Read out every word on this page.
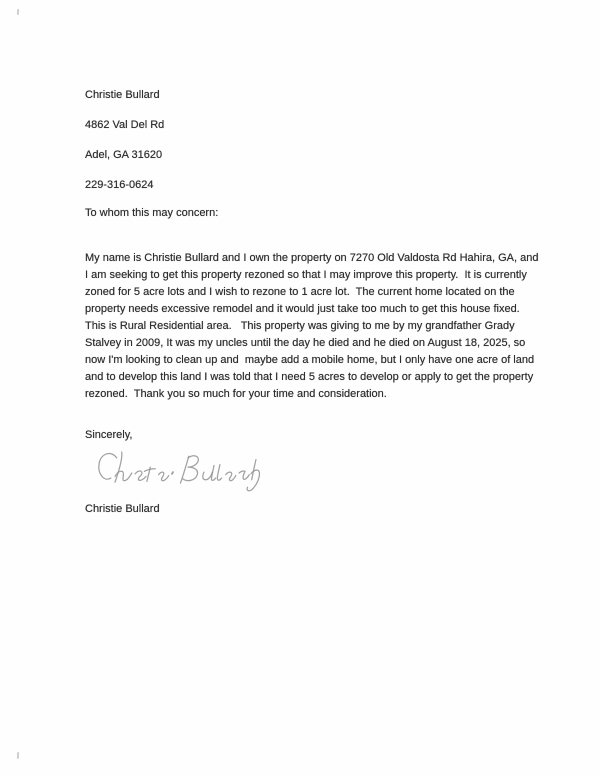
Christie Bullard

4862 Val Del Rd

Adel, GA 31620

229-316-0624

To whom this may concern:

My name is Christie Bullard and I own the property on 7270 Old Valdosta Rd Hahira, GA, and I am seeking to get this property rezoned so that I may improve this property.  It is currently zoned for 5 acre lots and I wish to rezone to 1 acre lot.  The current home located on the property needs excessive remodel and it would just take too much to get this house fixed.  This is Rural Residential area.   This property was giving to me by my grandfather Grady Stalvey in 2009, It was my uncles until the day he died and he died on August 18, 2025, so now I'm looking to clean up and  maybe add a mobile home, but I only have one acre of land and to develop this land I was told that I need 5 acres to develop or apply to get the property rezoned.  Thank you so much for your time and consideration.

Sincerely,

Christie Bullard
